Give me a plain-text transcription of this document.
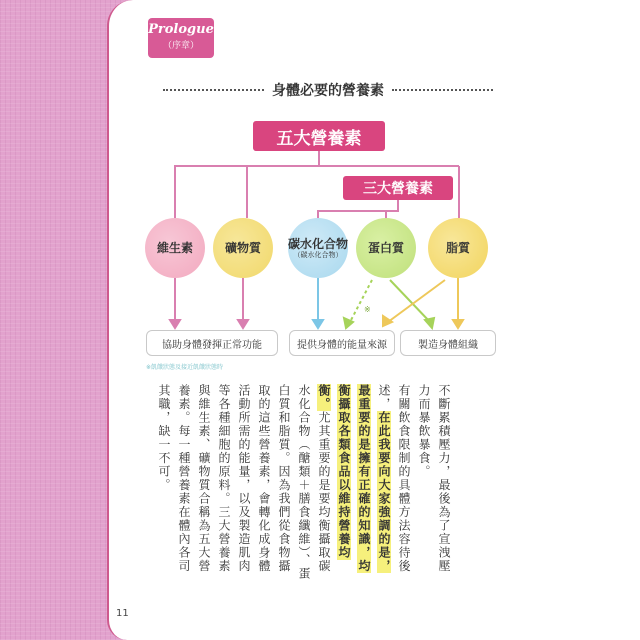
Prologue
（序章）
身體必要的營養素
五大營養素
三大營養素
維生素	礦物質 碳水化合物
（碳水化合物）
蛋白質	脂質
※
協助身體發揮正常功能	提供身體的能量來源	製造身體組織
※飢餓狀態及接近飢餓狀態時
不斷累積壓力，最後為了宣洩壓力而暴飲暴食。
有關飲食限制的具體方法容待後述，在此我要向大家強調的是，最重要的是擁有正確的知識，均衡攝取各類食品以維持營養均衡。尤其重要的是要均衡攝取碳水化合物（醣類＋膳食纖維）、蛋白質和脂質。因為我們從食物攝取的這些營養素，會轉化成身體活動所需的能量，以及製造肌肉等各種細胞的原料。三大營養素與維生素、礦物質合稱為五大營養素。每一種營養素在體內各司其職，缺一不可。
11
